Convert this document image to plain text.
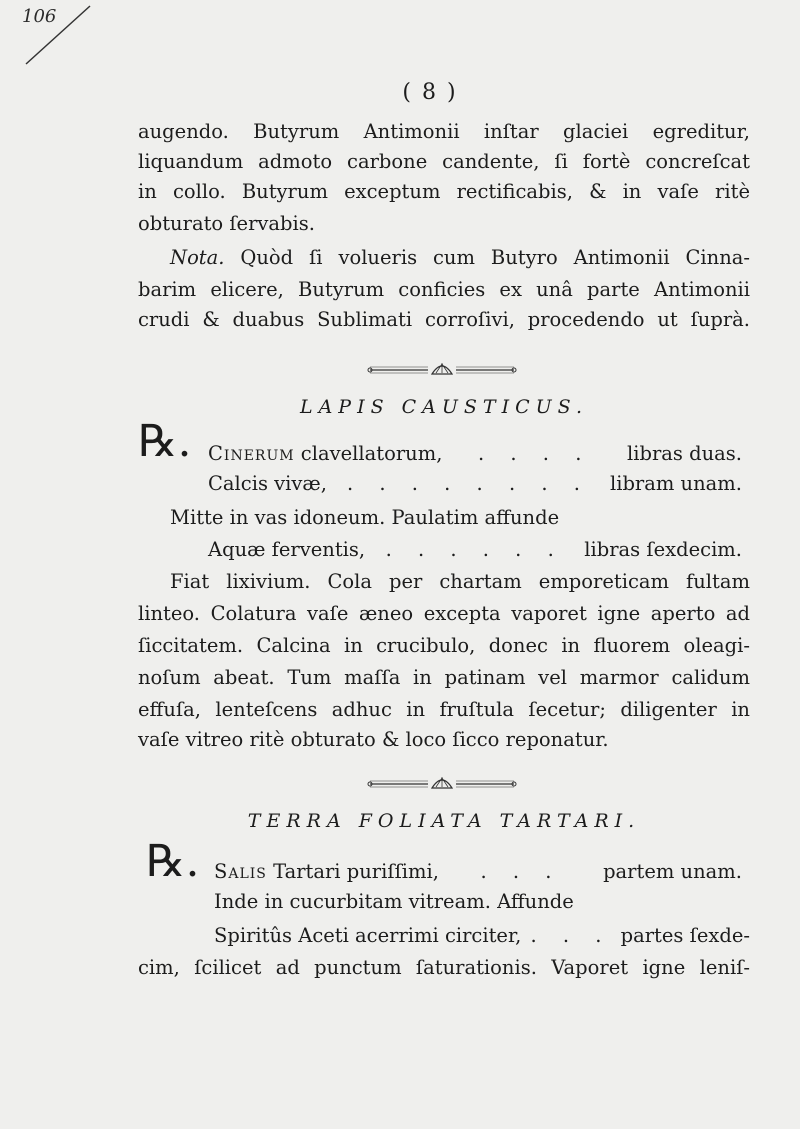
106
( 8 )
augendo. Butyrum Antimonii inſtar glaciei egreditur,
liquandum admoto carbone candente, ſi fortè concreſcat
in collo. Butyrum exceptum rectificabis, & in vaſe ritè
obturato ſervabis.
Nota. Quòd ſi volueris cum Butyro Antimonii Cinna-
barim elicere, Butyrum conficies ex unâ parte Antimonii
crudi & duabus Sublimati corroſivi, procedendo ut ſuprà.
LAPIS CAUSTICUS.
℞. Cinerum clavellatorum,	. . . .	libras duas.
Calcis vivæ,	. . . . . . . .	libram unam.
Mitte in vas idoneum. Paulatim affunde
Aquæ ferventis,	. . . . . .	libras ſexdecim.
Fiat lixivium. Cola per chartam emporeticam fultam
linteo. Colatura vaſe æneo excepta vaporet igne aperto ad
ſiccitatem. Calcina in crucibulo, donec in fluorem oleagi-
noſum abeat. Tum maſſa in patinam vel marmor calidum
effuſa, lenteſcens adhuc in fruſtula ſecetur; diligenter in
vaſe vitreo ritè obturato & loco ſicco reponatur.
TERRA FOLIATA TARTARI.
℞. Salis Tartari puriſſimi,	. . .	partem unam.
Inde in cucurbitam vitream. Affunde
Spiritûs Aceti acerrimi circiter, . . . partes ſexde-
cim, ſcilicet ad punctum ſaturationis. Vaporet igne leniſ-
